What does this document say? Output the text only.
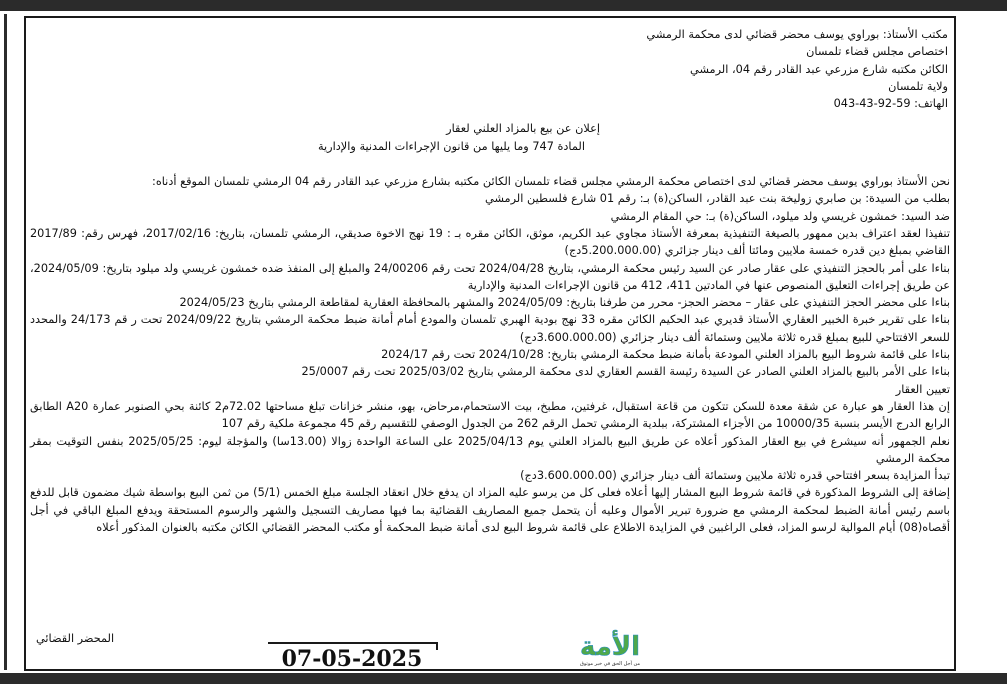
مكتب الأستاذ: بوراوي يوسف محضر قضائي لدى محكمة الرمشي
اختصاص مجلس قضاء تلمسان
الكائن مكتبه شارع مزرعي عبد القادر رقم 04، الرمشي
ولاية تلمسان
الهاتف: 59-92-43-043
إعلان عن بيع بالمزاد العلني لعقار
المادة 747 وما يليها من قانون الإجراءات المدنية والإدارية
نحن الأستاذ بوراوي يوسف محضر قضائي لدى اختصاص محكمة الرمشي مجلس قضاء تلمسان الكائن مكتبه بشارع مزرعي عبد القادر رقم 04 الرمشي تلمسان الموقع أدناه:
بطلب من السيدة: بن صابري زوليخة بنت عبد القادر، الساكن(ة) بـ: رقم 01 شارع فلسطين الرمشي
ضد السيد: خمشون غريسي ولد ميلود، الساكن(ة) بـ: حي المقام الرمشي
تنفيذا لعقد اعتراف بدين ممهور بالصيغة التنفيذية بمعرفة الأستاذ مجاوي عبد الكريم، موثق، الكائن مقره بـ : 19 نهج الاخوة صديقي، الرمشي تلمسان، بتاريخ: 2017/02/16، فهرس رقم: 2017/89 القاضي بمبلغ دين قدره خمسة ملايين ومائتا ألف دينار جزائري (5.200.000.00دج)
بناءا على أمر بالحجز التنفيذي على عقار صادر عن السيد رئيس محكمة الرمشي، بتاريخ 2024/04/28 تحت رقم 24/00206 والمبلغ إلى المنفذ ضده خمشون غريسي ولد ميلود بتاريخ: 2024/05/09، عن طريق إجراءات التعليق المنصوص عنها في المادتين 411، 412 من قانون الإجراءات المدنية والإدارية
بناءا على محضر الحجز التنفيذي على عقار – محضر الحجز- محرر من طرفنا بتاريخ: 2024/05/09 والمشهر بالمحافظة العقارية لمقاطعة الرمشي بتاريخ 2024/05/23
بناءا على تقرير خبرة الخبير العقاري الأستاذ قديري عبد الحكيم الكائن مقره 33 نهج بودية الهبري تلمسان والمودع أمام أمانة ضبط محكمة الرمشي بتاريخ 2024/09/22 تحت ر قم 24/173 والمحدد للسعر الافتتاحي للبيع بمبلغ قدره ثلاثة ملايين وستمائة ألف دينار جزائري (3.600.000.00دج)
بناءا على قائمة شروط البيع بالمزاد العلني المودعة بأمانة ضبط محكمة الرمشي بتاريخ: 2024/10/28 تحت رقم 2024/17
بناءا على الأمر بالبيع بالمزاد العلني الصادر عن السيدة رئيسة القسم العقاري لدى محكمة الرمشي بتاريخ 2025/03/02 تحت رقم 25/0007
تعيين العقار
إن هذا العقار هو عبارة عن شقة معدة للسكن تتكون من قاعة استقبال، غرفتين، مطبخ، بيت الاستحمام،مرحاض، بهو، منشر خزانات تبلغ مساحتها 72.02م2 كائنة بحي الصنوبر عمارة A20 الطابق الرابع الدرج الأيسر بنسبة 10000/35 من الأجزاء المشتركة، ببلدية الرمشي تحمل الرقم 262 من الجدول الوصفي للتقسيم رقم 45 مجموعة ملكية رقم 107
نعلم الجمهور أنه سيشرع في بيع العقار المذكور أعلاه عن طريق البيع بالمزاد العلني يوم 2025/04/13 على الساعة الواحدة زوالا (13.00سا) والمؤجلة ليوم: 2025/05/25 بنفس التوقيت بمقر محكمة الرمشي
تبدأ المزايدة بسعر افتتاحي قدره ثلاثة ملايين وستمائة ألف دينار جزائري (3.600.000.00دج)
إضافة إلى الشروط المذكورة في قائمة شروط البيع المشار إليها أعلاه فعلى كل من يرسو عليه المزاد ان يدفع خلال انعقاد الجلسة مبلغ الخمس (5/1) من ثمن البيع بواسطة شيك مضمون قابل للدفع باسم رئيس أمانة الضبط لمحكمة الرمشي مع ضرورة تبرير الأموال وعليه أن يتحمل جميع المصاريف القضائية بما فيها مصاريف التسجيل والشهر والرسوم المستحقة ويدفع المبلغ الباقي في أجل أقصاه(08) أيام الموالية لرسو المزاد، فعلى الراغبين في المزايدة الاطلاع على قائمة شروط البيع لدى أمانة ضبط المحكمة أو مكتب المحضر القضائي الكائن مكتبه بالعنوان المذكور أعلاه
المحضر القضائي	الأمة
من أجل الحق في خبر موثوق
07-05-2025
